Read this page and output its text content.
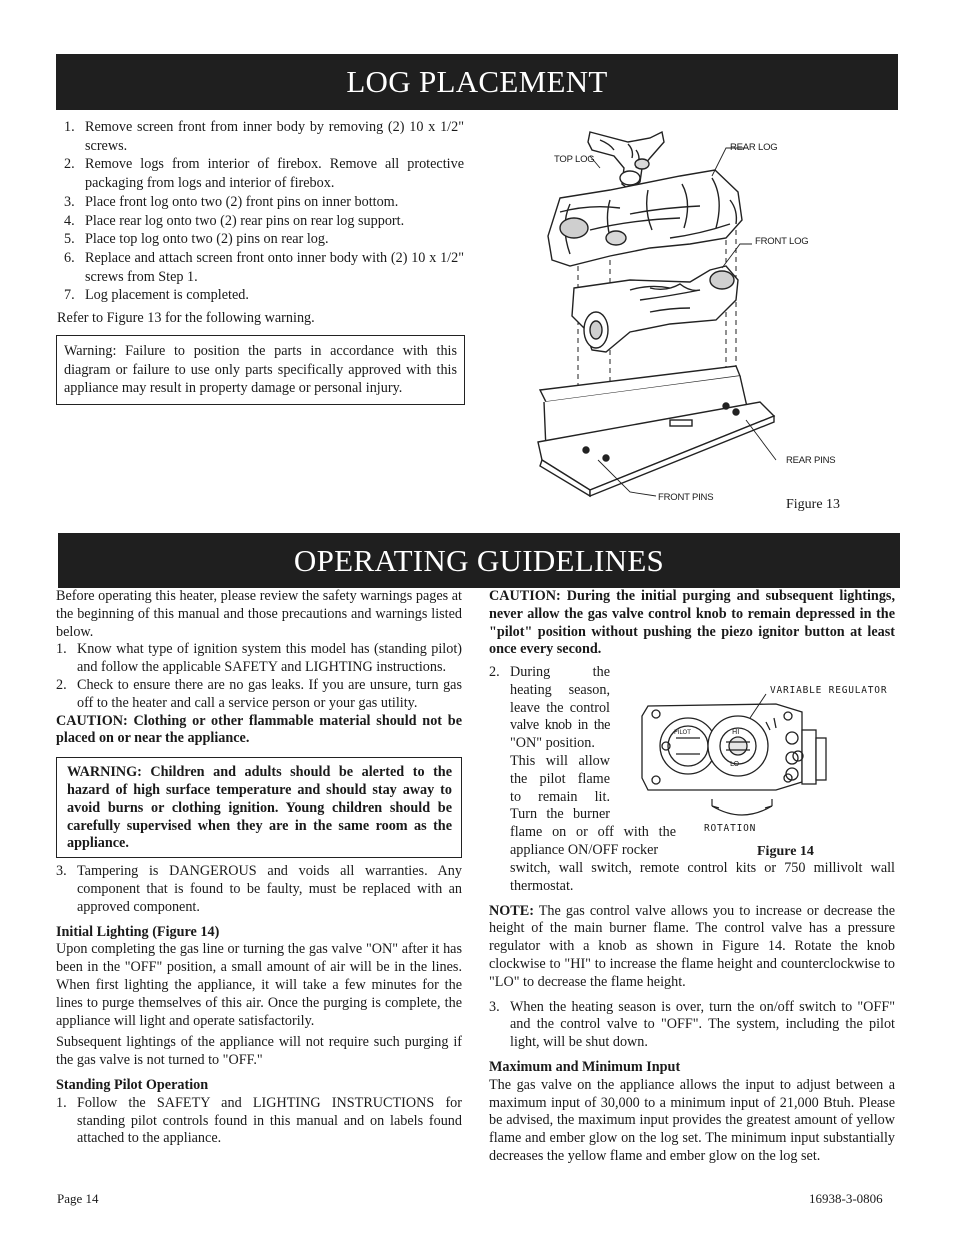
LOG PLACEMENT
1. Remove screen front from inner body by removing (2) 10 x 1/2" screws.
2. Remove logs from interior of firebox. Remove all protective packaging from logs and interior of firebox.
3. Place front log onto two (2) front pins on inner bottom.
4. Place rear log onto two (2) rear pins on rear log support.
5. Place top log onto two (2) pins on rear log.
6. Replace and attach screen front onto inner body with (2) 10 x 1/2" screws from Step 1.
7. Log placement is completed.

Refer to Figure 13 for the following warning.

Warning: Failure to position the parts in accordance with this diagram or failure to use only parts specifically approved with this appliance may result in property damage or personal injury.
TOP LOG
REAR LOG
FRONT LOG
REAR PINS
FRONT PINS	Figure 13
OPERATING GUIDELINES

Before operating this heater, please review the safety warnings pages at the beginning of this manual and those precautions and warnings listed below.

1. Know what type of ignition system this model has (standing pilot) and follow the applicable SAFETY and LIGHTING instructions.
2. Check to ensure there are no gas leaks. If you are unsure, turn gas off to the heater and call a service person or your gas utility.

CAUTION: Clothing or other flammable material should not be placed on or near the appliance.

WARNING: Children and adults should be alerted to the hazard of high surface temperature and should stay away to avoid burns or clothing ignition. Young children should be carefully supervised when they are in the same room as the appliance.
3. Tampering is DANGEROUS and voids all warranties. Any component that is found to be faulty, must be replaced with an approved component.

Initial Lighting (Figure 14)

Upon completing the gas line or turning the gas valve "ON" after it has been in the "OFF" position, a small amount of air will be in the lines. When first lighting the appliance, it will take a few minutes for the lines to purge themselves of this air. Once the purging is complete, the appliance will light and operate satisfactorily.

Subsequent lightings of the appliance will not require such purging if the gas valve is not turned to "OFF."

Standing Pilot Operation

1. Follow the SAFETY and LIGHTING INSTRUCTIONS for standing pilot controls found in this manual and on labels found attached to the appliance.
CAUTION: During the initial purging and subsequent lightings, never allow the gas valve control knob to remain depressed in the "pilot" position without pushing the piezo ignitor button at least once every second.
2. During the
heating season,
leave the control
valve knob in the
"ON" position.
This will allow
the pilot flame
to remain lit.
Turn the burner
flame on or off with the
appliance ON/OFF rocker
PILOT	HI
LO
VARIABLE REGULATOR
ROTATION
Figure 14

switch, wall switch, remote control kits or 750 millivolt wall thermostat.

NOTE: The gas control valve allows you to increase or decrease the height of the main burner flame. The control valve has a pressure regulator with a knob as shown in Figure 14. Rotate the knob clockwise to "HI" to increase the flame height and counterclockwise to "LO" to decrease the flame height.

3. When the heating season is over, turn the on/off switch to "OFF" and the control valve to "OFF". The system, including the pilot light, will be shut down.

Maximum and Minimum Input

The gas valve on the appliance allows the input to adjust between a maximum input of 30,000 to a minimum input of 21,000 Btuh. Please be advised, the maximum input provides the greatest amount of yellow flame and ember glow on the log set. The minimum input substantially decreases the yellow flame and ember glow on the log set.

Page 14	16938-3-0806
